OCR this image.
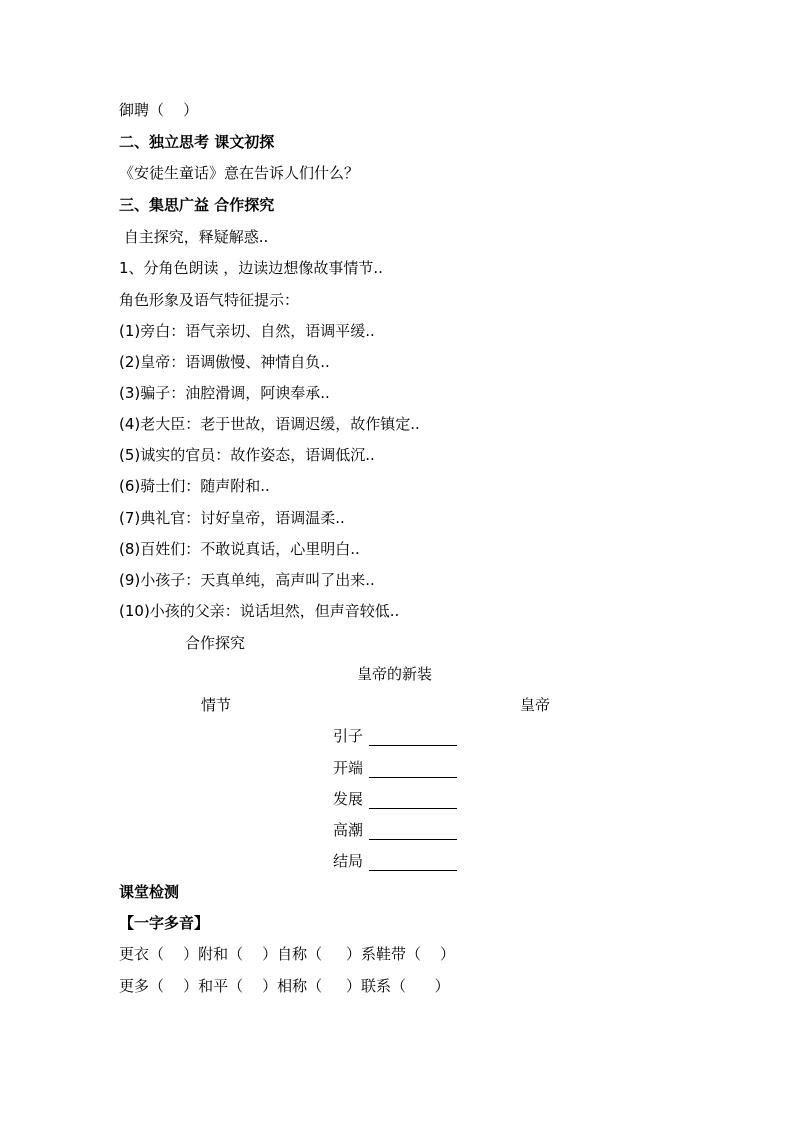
御聘（    ）
二、独立思考 课文初探
《安徒生童话》意在告诉人们什么？
三、集思广益 合作探究
自主探究，释疑解惑..
1、分角色朗读 ，边读边想像故事情节..
角色形象及语气特征提示：
(1)旁白：语气亲切、自然，语调平缓..
(2)皇帝：语调傲慢、神情自负..
(3)骗子：油腔滑调，阿谀奉承..
(4)老大臣：老于世故，语调迟缓，故作镇定..
(5)诚实的官员：故作姿态，语调低沉..
(6)骑士们：随声附和..
(7)典礼官：讨好皇帝，语调温柔..
(8)百姓们：不敢说真话，心里明白..
(9)小孩子：天真单纯，高声叫了出来..
(10)小孩的父亲：说话坦然，但声音较低..
合作探究
皇帝的新装
情节	皇帝
引子
开端
发展
高潮
结局
课堂检测
【一字多音】
更衣（    ）附和（    ）自称（     ）系鞋带（    ）
更多（    ）和平（    ）相称（     ）联系（      ）
